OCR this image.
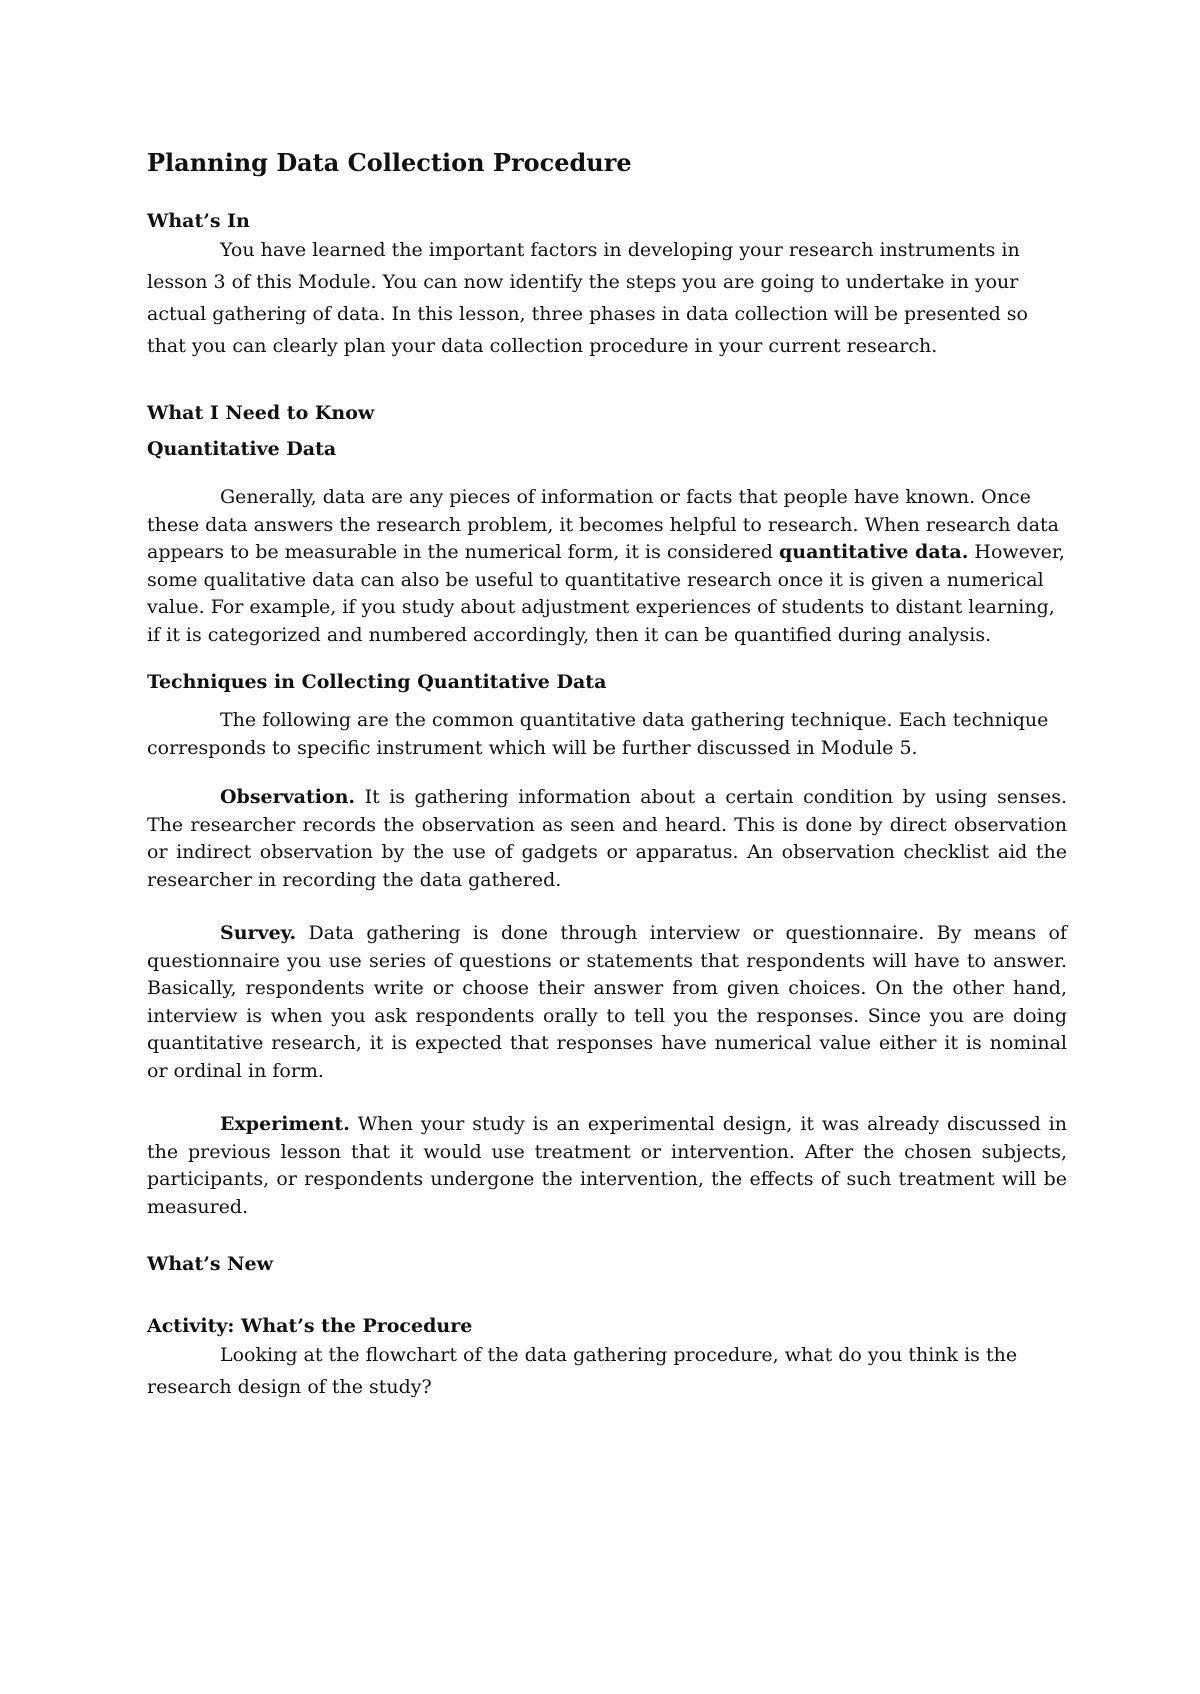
Planning Data Collection Procedure
What’s In

You have learned the important factors in developing your research instruments in lesson 3 of this Module. You can now identify the steps you are going to undertake in your actual gathering of data. In this lesson, three phases in data collection will be presented so that you can clearly plan your data collection procedure in your current research.

What I Need to Know
Quantitative Data

Generally, data are any pieces of information or facts that people have known. Once these data answers the research problem, it becomes helpful to research. When research data appears to be measurable in the numerical form, it is considered quantitative data. However, some qualitative data can also be useful to quantitative research once it is given a numerical value. For example, if you study about adjustment experiences of students to distant learning, if it is categorized and numbered accordingly, then it can be quantified during analysis.

Techniques in Collecting Quantitative Data

The following are the common quantitative data gathering technique. Each technique corresponds to specific instrument which will be further discussed in Module 5.

Observation. It is gathering information about a certain condition by using senses. The researcher records the observation as seen and heard. This is done by direct observation or indirect observation by the use of gadgets or apparatus. An observation checklist aid the researcher in recording the data gathered.

Survey. Data gathering is done through interview or questionnaire. By means of questionnaire you use series of questions or statements that respondents will have to answer. Basically, respondents write or choose their answer from given choices. On the other hand, interview is when you ask respondents orally to tell you the responses. Since you are doing quantitative research, it is expected that responses have numerical value either it is nominal or ordinal in form.

Experiment. When your study is an experimental design, it was already discussed in the previous lesson that it would use treatment or intervention. After the chosen subjects, participants, or respondents undergone the intervention, the effects of such treatment will be measured.

What’s New
Activity: What’s the Procedure

Looking at the flowchart of the data gathering procedure, what do you think is the research design of the study?
